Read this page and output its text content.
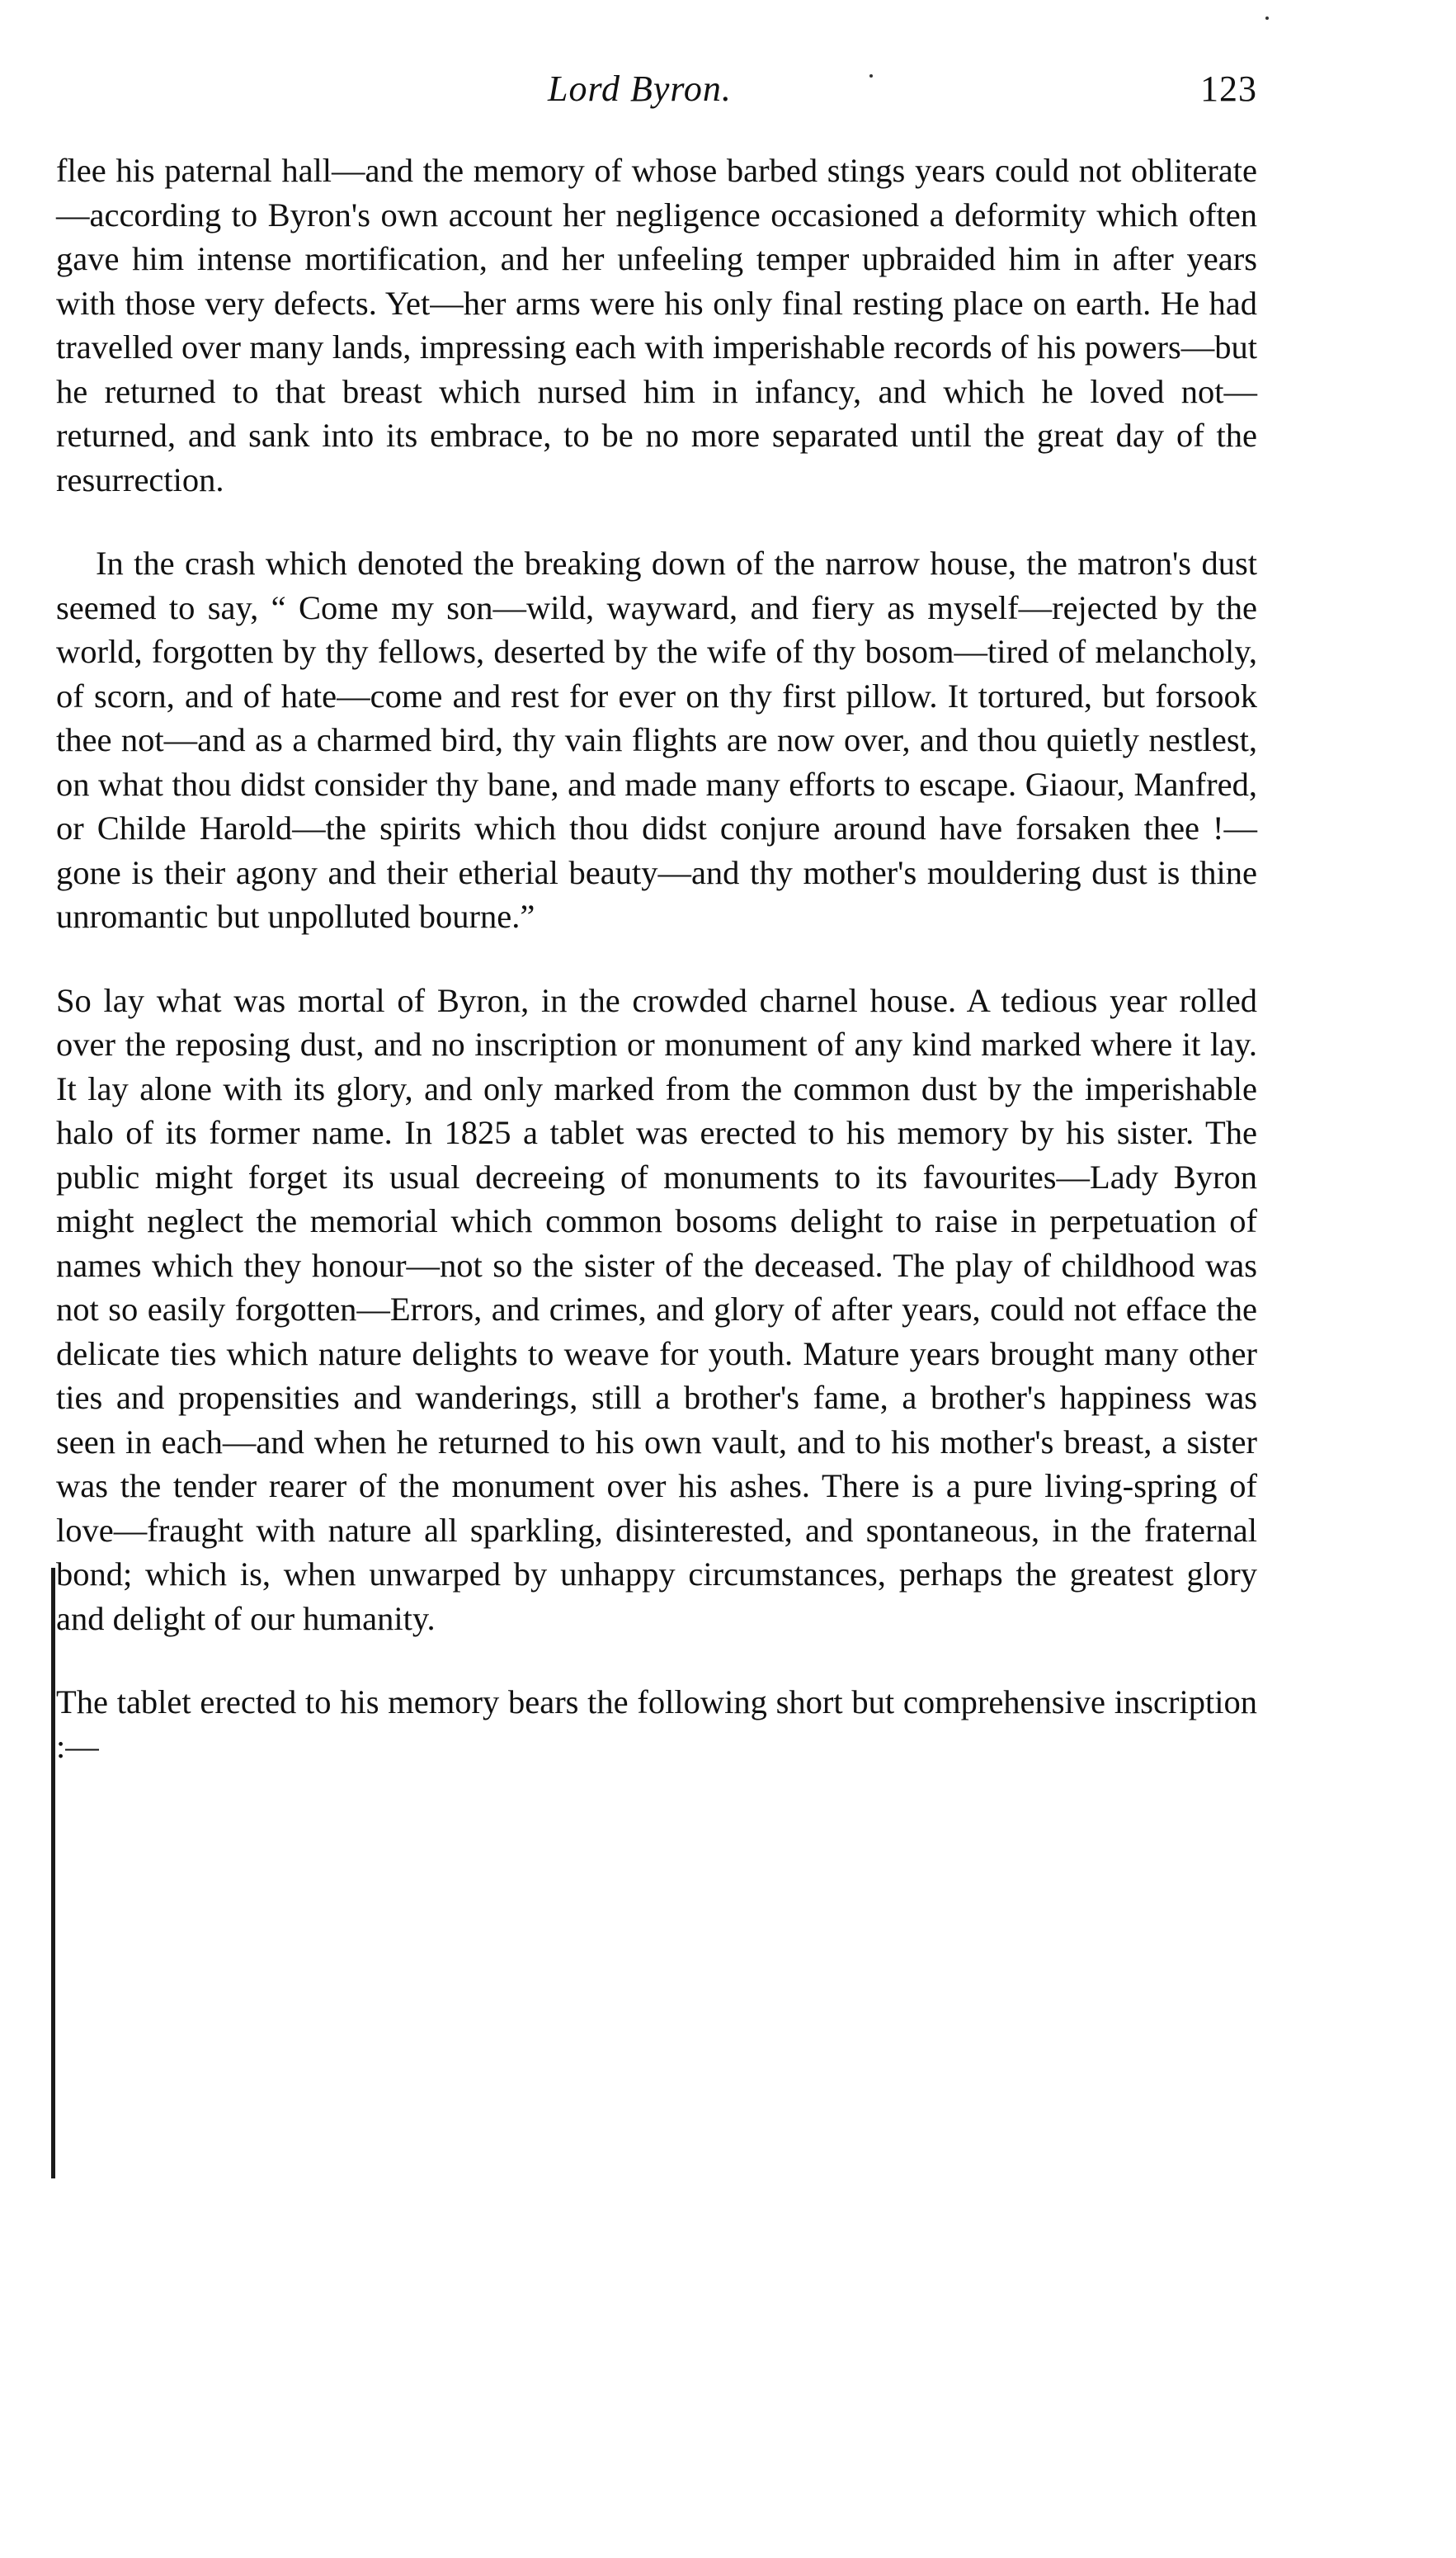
Lord Byron.	123

flee his paternal hall—and the memory of whose barbed stings years could not obliterate—according to Byron's own account her negligence occasioned a deformity which often gave him intense mortification, and her unfeeling temper upbraided him in after years with those very defects. Yet—her arms were his only final resting place on earth. He had travelled over many lands, impressing each with imperishable records of his powers—but he returned to that breast which nursed him in infancy, and which he loved not—returned, and sank into its embrace, to be no more separated until the great day of the resurrection.

In the crash which denoted the breaking down of the narrow house, the matron's dust seemed to say, “ Come my son—wild, wayward, and fiery as myself—rejected by the world, forgotten by thy fellows, deserted by the wife of thy bosom—tired of melancholy, of scorn, and of hate—come and rest for ever on thy first pillow. It tortured, but forsook thee not—and as a charmed bird, thy vain flights are now over, and thou quietly nestlest, on what thou didst consider thy bane, and made many efforts to escape. Giaour, Manfred, or Childe Harold—the spirits which thou didst conjure around have forsaken thee !—gone is their agony and their etherial beauty—and thy mother's mouldering dust is thine unromantic but unpolluted bourne.”

So lay what was mortal of Byron, in the crowded charnel house. A tedious year rolled over the reposing dust, and no inscription or monument of any kind marked where it lay. It lay alone with its glory, and only marked from the common dust by the imperishable halo of its former name. In 1825 a tablet was erected to his memory by his sister. The public might forget its usual decreeing of monuments to its favourites—Lady Byron might neglect the memorial which common bosoms delight to raise in perpetuation of names which they honour—not so the sister of the deceased. The play of childhood was not so easily forgotten—Errors, and crimes, and glory of after years, could not efface the delicate ties which nature delights to weave for youth. Mature years brought many other ties and propensities and wanderings, still a brother's fame, a brother's happiness was seen in each—and when he returned to his own vault, and to his mother's breast, a sister was the tender rearer of the monument over his ashes. There is a pure living-spring of love—fraught with nature all sparkling, disinterested, and spontaneous, in the fraternal bond; which is, when unwarped by unhappy circumstances, perhaps the greatest glory and delight of our humanity.

The tablet erected to his memory bears the following short but comprehensive inscription :—
